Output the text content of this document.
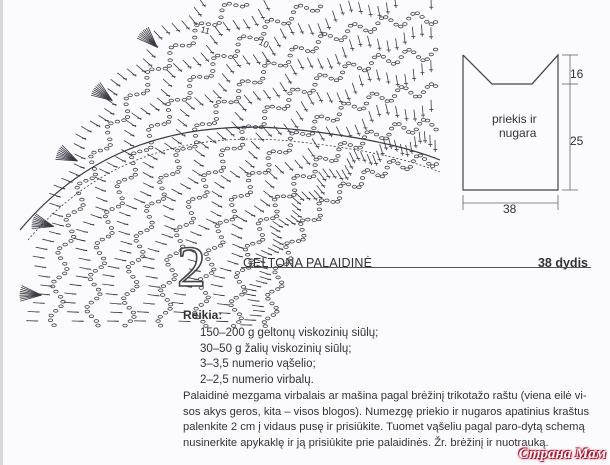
10
11
priekis ir
nugara
16
25
38
2	GELTONA PALAIDINĖ	38 dydis
Reikia:
150–200 g geltonų viskozinių siūlų;
30–50 g žalių viskozinių siūlų;
3–3,5 numerio vąšelio;
2–2,5 numerio virbalų.

Palaidinė mezgama virbalais ar mašina pagal brėžinį trikotažo raštu (viena eilė vi-sos akys geros, kita – visos blogos). Numezgę priekio ir nugaros apatinius kraštus palenkite 2 cm į vidaus pusę ir prisiūkite. Tuomet vąšeliu pagal paro-dytą schemą nusinerkite apykaklę ir ją prisiūkite prie palaidinės. Žr. brėžinį ir nuotrauką.

Страна Мам
